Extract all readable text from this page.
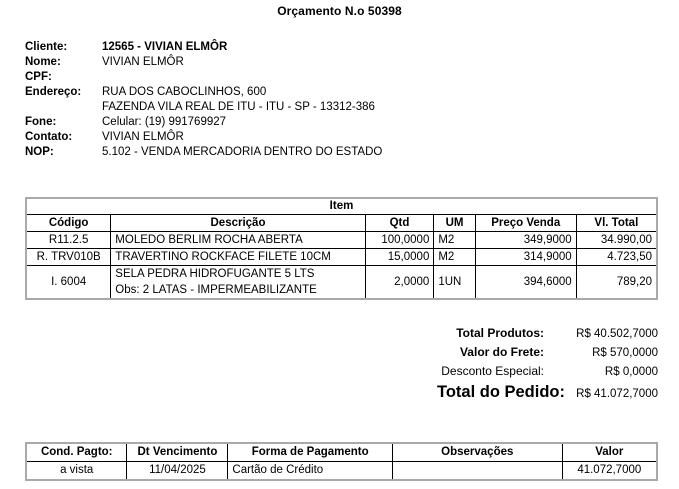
Orçamento N.o 50398
Cliente:	12565 - VIVIAN ELMÔR
Nome:	VIVIAN ELMÔR
CPF:
Endereço:	RUA DOS CABOCLINHOS, 600
FAZENDA VILA REAL DE ITU - ITU - SP - 13312-386
Fone:	Celular: (19) 991769927
Contato:	VIVIAN ELMÔR
NOP:	5.102 - VENDA MERCADORIA DENTRO DO ESTADO
Item					
Código	Descrição	Qtd	UM	Preço Venda	Vl. Total
R11.2.5	MOLEDO BERLIM ROCHA ABERTA	100,0000	M2	349,9000	34.990,00
R. TRV010B	TRAVERTINO ROCKFACE FILETE 10CM	15,0000	M2	314,9000	4.723,50
I. 6004	SELA PEDRA HIDROFUGANTE 5 LTS
Obs: 2 LATAS - IMPERMEABILIZANTE	2,0000	1UN	394,6000	789,20
Total Produtos:	R$ 40.502,7000
Valor do Frete:	R$ 570,0000
Desconto Especial:	R$ 0,0000
Total do Pedido: R$ 41.072,7000
Cond. Pagto:	Dt Vencimento	Forma de Pagamento	Observações	Valor
a vista	11/04/2025	Cartão de Crédito		41.072,7000
